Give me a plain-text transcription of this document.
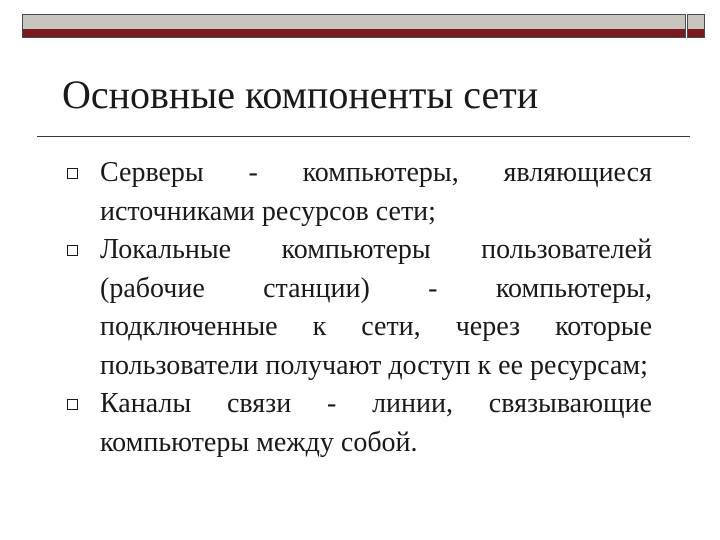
Основные компоненты сети
Серверы - компьютеры, являющиеся источниками ресурсов сети;
Локальные компьютеры пользователей (рабочие станции) - компьютеры, подключенные к сети, через которые пользователи получают доступ к ее ресурсам;
Каналы связи - линии, связывающие компьютеры между собой.
